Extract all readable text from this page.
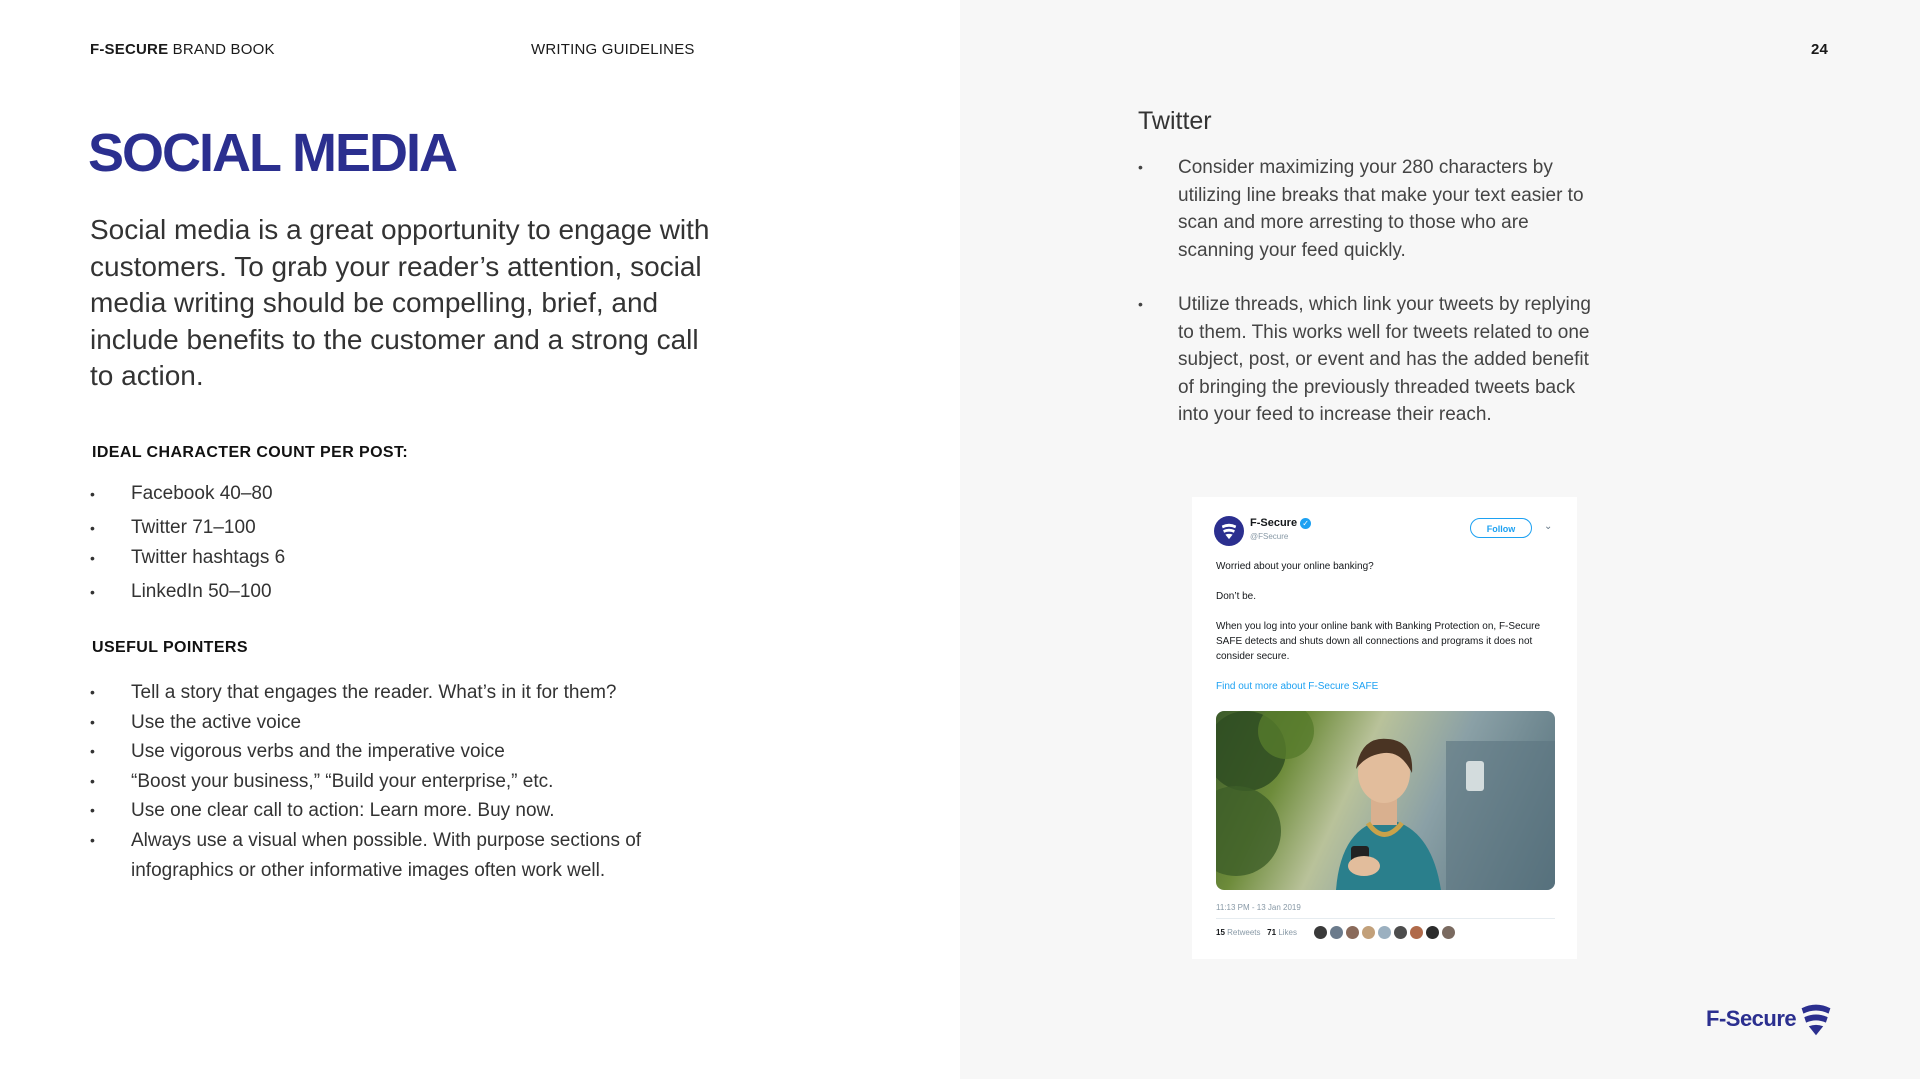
F-SECURE BRAND BOOK	WRITING GUIDELINES	24
SOCIAL MEDIA

Social media is a great opportunity to engage with customers. To grab your reader’s attention, social media writing should be compelling, brief, and include benefits to the customer and a strong call to action.

IDEAL CHARACTER COUNT PER POST:
• Facebook 40–80
• Twitter 71–100
• Twitter hashtags 6
• LinkedIn 50–100
USEFUL POINTERS
• Tell a story that engages the reader. What’s in it for them?
• Use the active voice
• Use vigorous verbs and the imperative voice
• “Boost your business,” “Build your enterprise,” etc.
• Use one clear call to action: Learn more. Buy now.
• Always use a visual when possible. With purpose sections of infographics or other informative images often work well.
Twitter
• Consider maximizing your 280 characters by utilizing line breaks that make your text easier to scan and more arresting to those who are scanning your feed quickly.
• Utilize threads, which link your tweets by replying to them. This works well for tweets related to one subject, post, or event and has the added benefit of bringing the previously threaded tweets back into your feed to increase their reach.
F-Secure ✓
@FSecure
Follow	⌄

Worried about your online banking?

Don’t be.

When you log into your online bank with Banking Protection on, F-Secure SAFE detects and shuts down all connections and programs it does not consider secure.

Find out more about F-Secure SAFE

11:13 PM - 13 Jan 2019
15 Retweets 71 Likes
F-Secure
